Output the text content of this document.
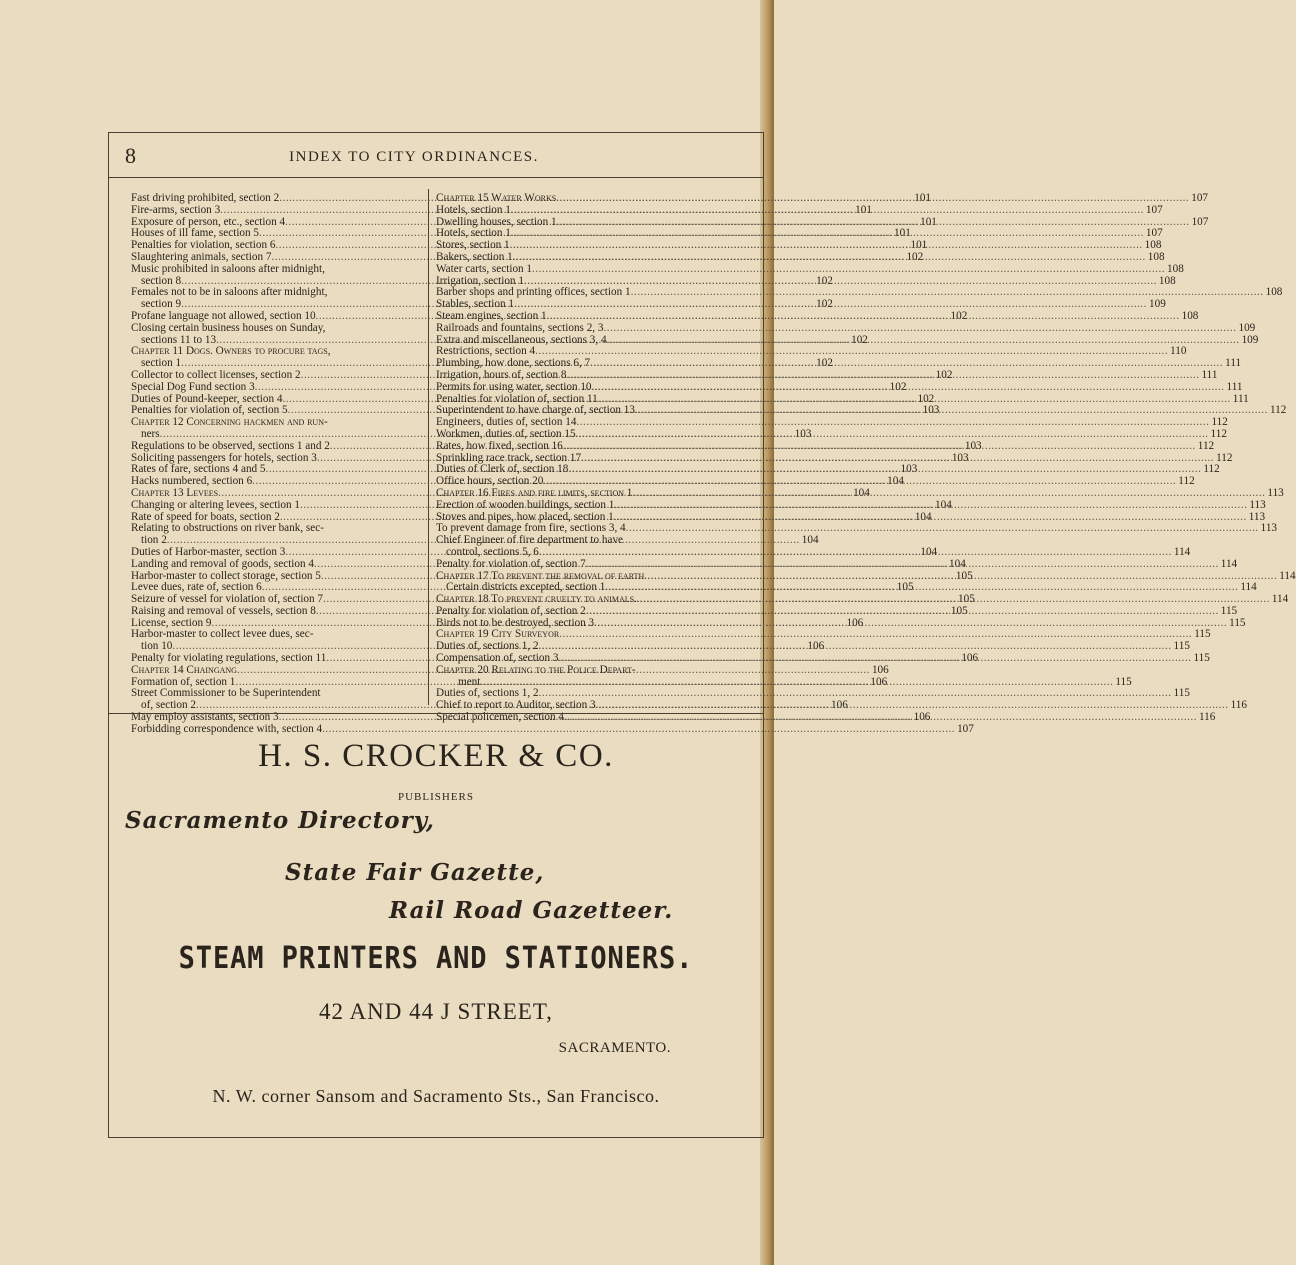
8	INDEX TO CITY ORDINANCES.
Fast driving prohibited, section 2 .....	101
Fire-arms, section 3 .....	101
Exposure of person, etc., section 4 .....	101
Houses of ill fame, section 5 .....	101
Penalties for violation, section 6 .....	101
Slaughtering animals, section 7 .....	102
Music prohibited in saloons after midnight,
section 8 .....	102
Females not to be in saloons after midnight,
section 9 .....	102
Profane language not allowed, section 10 .....	102
Closing certain business houses on Sunday,
sections 11 to 13 .....	102
Chapter 11 Dogs. Owners to procure tags,
section 1 .....	102
Collector to collect licenses, section 2 .....	102
Special Dog Fund section 3 .....	102
Duties of Pound-keeper, section 4 .....	102
Penalties for violation of, section 5 .....	103
Chapter 12 Concerning hackmen and run-
ners .....	103
Regulations to be observed, sections 1 and 2 .....	103
Soliciting passengers for hotels, section 3 .....	103
Rates of fare, sections 4 and 5 .....	103
Hacks numbered, section 6 .....	104
Chapter 13 Levees .....	104
Changing or altering levees, section 1 .....	104
Rate of speed for boats, section 2 .....	104
Relating to obstructions on river bank, sec-
tion 2 .....	104
Duties of Harbor-master, section 3 .....	104
Landing and removal of goods, section 4 .....	104
Harbor-master to collect storage, section 5 .....	105
Levee dues, rate of, section 6 .....	105
Seizure of vessel for violation of, section 7 .....	105
Raising and removal of vessels, section 8 .....	105
License, section 9 .....	106
Harbor-master to collect levee dues, sec-
tion 10 .....	106
Penalty for violating regulations, section 11 .....	106
Chapter 14 Chaingang .....	106
Formation of, section 1 .....	106
Street Commissioner to be Superintendent
of, section 2 .....	106
May employ assistants, section 3 .....	106
Forbidding correspondence with, section 4 .....	107
Chapter 15 Water Works .....	107
Hotels, section 1 .....	107
Dwelling houses, section 1 .....	107
Hotels, section 1 .....	107
Stores, section 1 .....	108
Bakers, section 1 .....	108
Water carts, section 1 .....	108
Irrigation, section 1 .....	108
Barber shops and printing offices, section 1 .....	108
Stables, section 1 .....	109
Steam engines, section 1 .....	108
Railroads and fountains, sections 2, 3 .....	109
Extra and miscellaneous, sections 3, 4 .....	109
Restrictions, section 4 .....	110
Plumbing, how done, sections 6, 7 .....	111
Irrigation, hours of, section 8 .....	111
Permits for using water, section 10 .....	111
Penalties for violation of, section 11 .....	111
Superintendent to have charge of, section 13 .....	112
Engineers, duties of, section 14 .....	112
Workmen, duties of, section 15 .....	112
Rates, how fixed, section 16 .....	112
Sprinkling race track, section 17 .....	112
Duties of Clerk of, section 18 .....	112
Office hours, section 20 .....	112
Chapter 16 Fires and fire limits, section 1 .....	113
Erection of wooden buildings, section 1 .....	113
Stoves and pipes, how placed, section 1 .....	113
To prevent damage from fire, sections 3, 4 .....	113
Chief Engineer of fire department to have
control, sections 5, 6 .....	114
Penalty for violation of, section 7 .....	114
Chapter 17 To prevent the removal of earth .....	114
Certain districts excepted, section 1 .....	114
Chapter 18 To prevent cruelty to animals. .....	114
Penalty for violation of, section 2 .....	115
Birds not to be destroyed, section 3 .....	115
Chapter 19 City Surveyor .....	115
Duties of, sections 1, 2 .....	115
Compensation of, section 3 .....	115
Chapter 20 Relating to the Police Depart-
ment .....	115
Duties of, sections 1, 2 .....	115
Chief to report to Auditor, section 3 .....	116
Special policemen, section 4 .....	116
H. S. CROCKER & CO.
PUBLISHERS
Sacramento Directory,
State Fair Gazette,
Rail Road Gazetteer.
STEAM PRINTERS AND STATIONERS.
42 AND 44 J STREET,
SACRAMENTO.
N. W. corner Sansom and Sacramento Sts., San Francisco.
